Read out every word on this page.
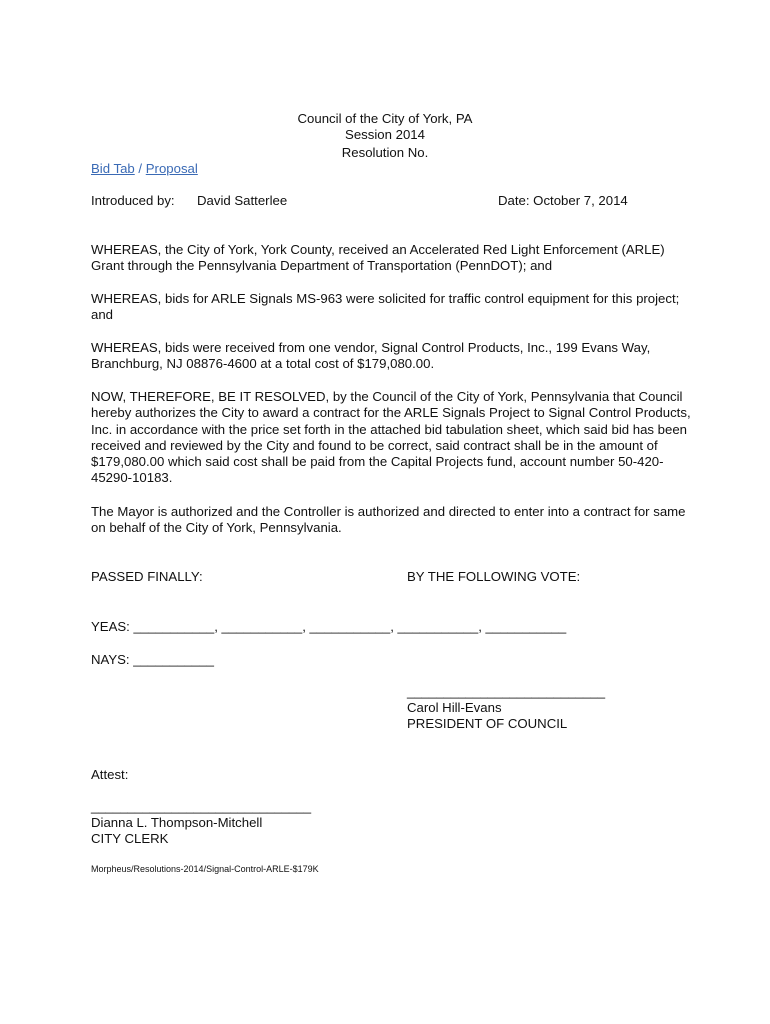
Council of the City of York, PA
Session 2014
Resolution No.
Bid Tab / Proposal
Introduced by: David Satterlee	Date: October 7, 2014
WHEREAS, the City of York, York County, received an Accelerated Red Light Enforcement (ARLE) Grant through the Pennsylvania Department of Transportation (PennDOT); and
WHEREAS, bids for ARLE Signals MS-963 were solicited for traffic control equipment for this project; and
WHEREAS, bids were received from one vendor, Signal Control Products, Inc., 199 Evans Way, Branchburg, NJ 08876-4600 at a total cost of $179,080.00.
NOW, THEREFORE, BE IT RESOLVED, by the Council of the City of York, Pennsylvania that Council hereby authorizes the City to award a contract for the ARLE Signals Project to Signal Control Products, Inc. in accordance with the price set forth in the attached bid tabulation sheet, which said bid has been received and reviewed by the City and found to be correct, said contract shall be in the amount of $179,080.00 which said cost shall be paid from the Capital Projects fund, account number 50-420-45290-10183.
The Mayor is authorized and the Controller is authorized and directed to enter into a contract for same on behalf of the City of York, Pennsylvania.
PASSED FINALLY:	BY THE FOLLOWING VOTE:
YEAS: ___________, ___________, ___________, ___________, ___________
NAYS: ___________
___________________________
Carol Hill-Evans
PRESIDENT OF COUNCIL
Attest:
______________________________
Dianna L. Thompson-Mitchell
CITY CLERK
Morpheus/Resolutions-2014/Signal-Control-ARLE-$179K
